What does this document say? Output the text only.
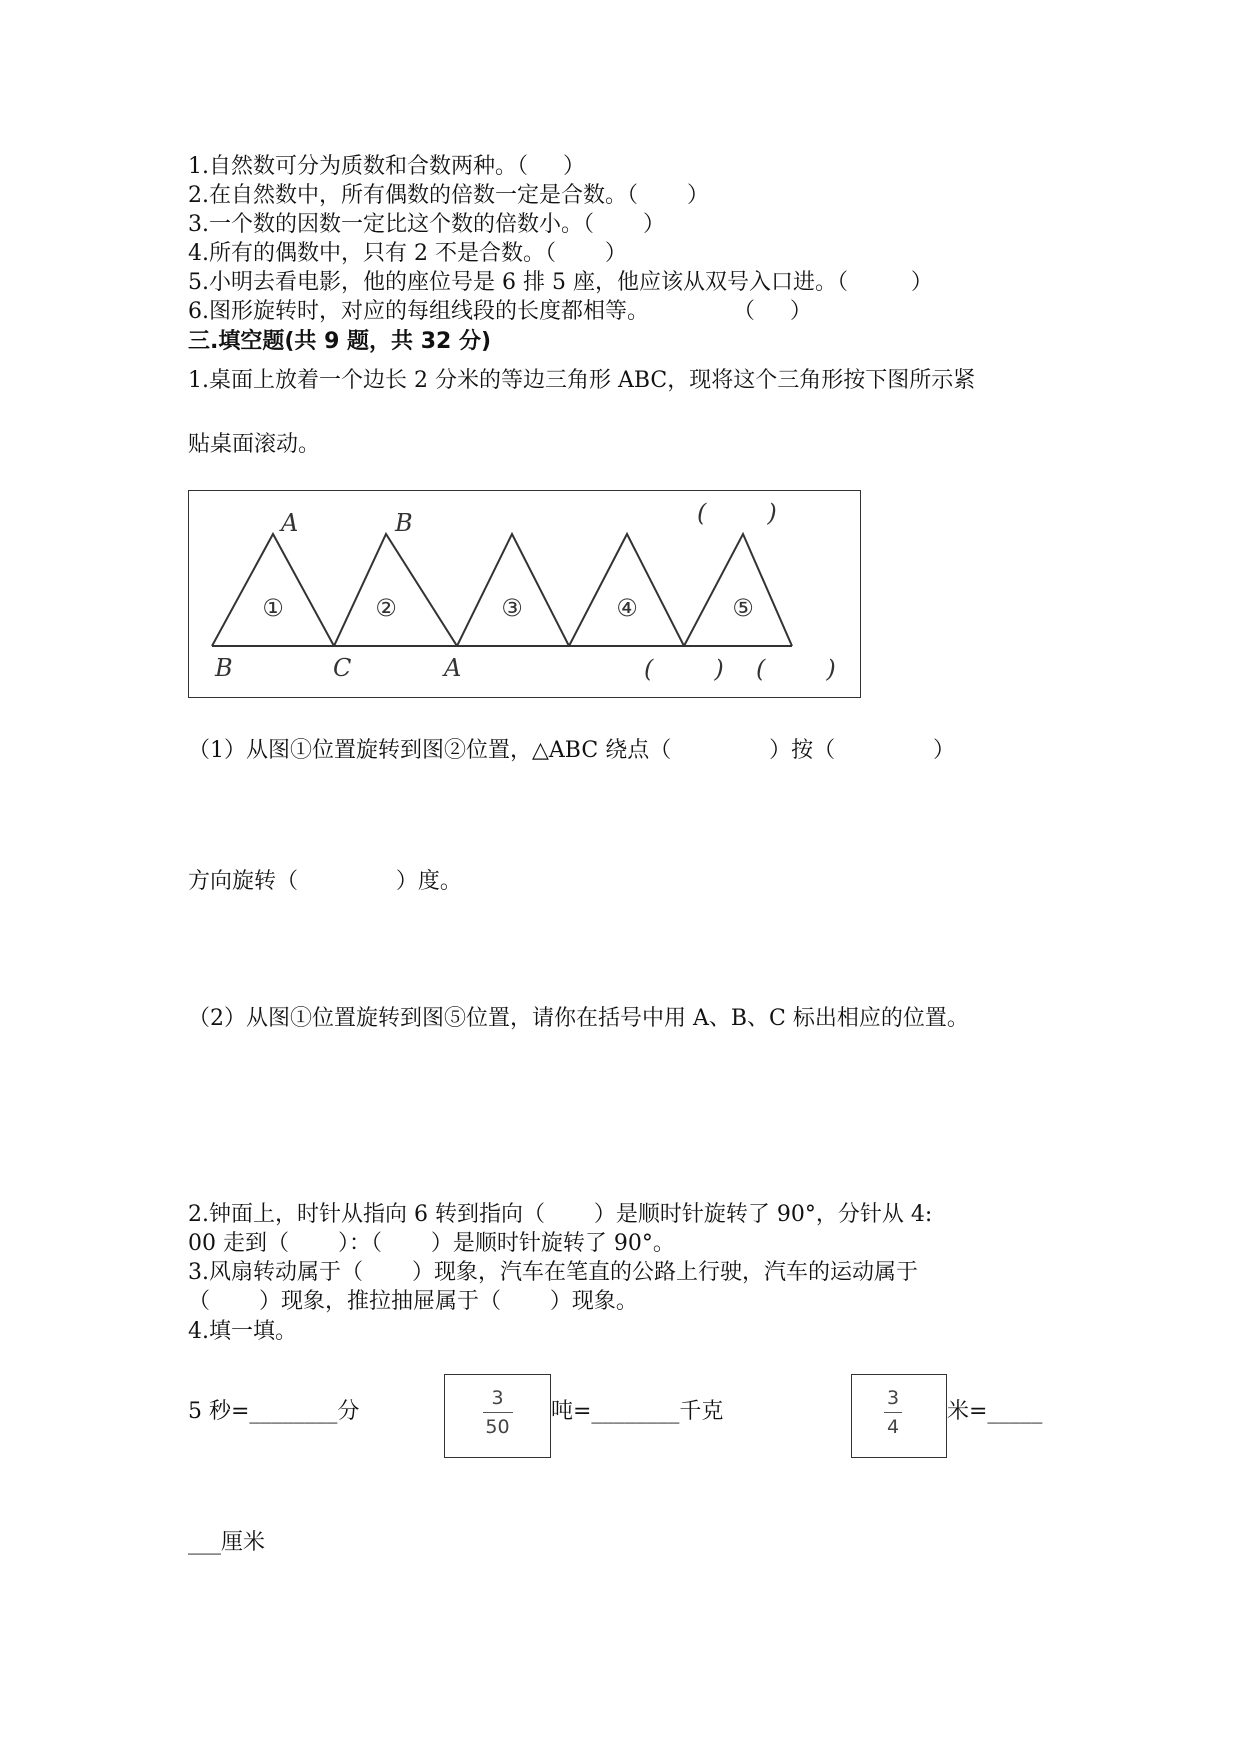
1.自然数可分为质数和合数两种。（     ）
2.在自然数中，所有偶数的倍数一定是合数。（       ）
3.一个数的因数一定比这个数的倍数小。（       ）
4.所有的偶数中，只有 2 不是合数。（       ）
5.小明去看电影，他的座位号是 6 排 5 座，他应该从双号入口进。（         ）
6.图形旋转时，对应的每组线段的长度都相等。            （     ）
三.填空题(共 9 题，共 32 分)
1.桌面上放着一个边长 2 分米的等边三角形 ABC，现将这个三角形按下图所示紧
贴桌面滚动。
A	B
B	C	A
①	②	③	④	⑤
(        )
(        ) (        )
（1）从图①位置旋转到图②位置，△ABC 绕点（              ）按（              ）
方向旋转（              ）度。
（2）从图①位置旋转到图⑤位置，请你在括号中用 A、B、C 标出相应的位置。
2.钟面上，时针从指向 6 转到指向（       ）是顺时针旋转了 90°，分针从 4:
00 走到（       ）：（       ）是顺时针旋转了 90°。
3.风扇转动属于（       ）现象，汽车在笔直的公路上行驶，汽车的运动属于
（       ）现象，推拉抽屉属于（       ）现象。
4.填一填。
5 秒=________分
3
50
吨=________千克
3
4
米=_____
___厘米
